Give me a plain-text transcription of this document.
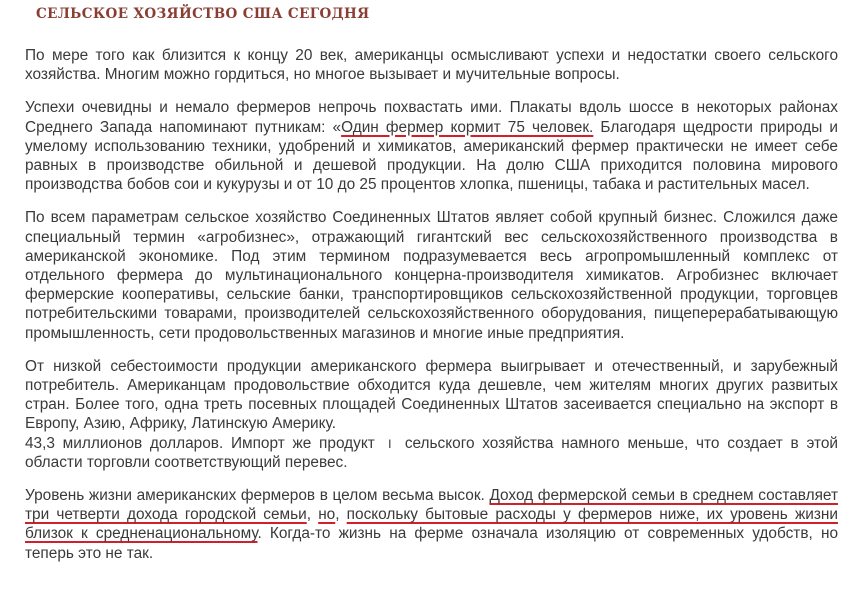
СЕЛЬСКОЕ ХОЗЯЙСТВО США СЕГОДНЯ

По мере того как близится к концу 20 век, американцы осмысливают успехи и недостатки своего сельского хозяйства. Многим можно гордиться, но многое вызывает и мучительные вопросы.

Успехи очевидны и немало фермеров непрочь похвастать ими. Плакаты вдоль шоссе в некоторых районах Среднего Запада напоминают путникам: «Один фермер кормит 75 человек. Благодаря щедрости природы и умелому использованию техники, удобрений и химикатов, американский фермер практически не имеет себе равных в производстве обильной и дешевой продукции. На долю США приходится половина мирового производства бобов сои и кукурузы и от 10 до 25 процентов хлопка, пшеницы, табака и растительных масел.

По всем параметрам сельское хозяйство Соединенных Штатов являет собой крупный бизнес. Сложился даже специальный термин «агробизнес», отражающий гигантский вес сельскохозяйственного производства в американской экономике. Под этим термином подразумевается весь агропромышленный комплекс от отдельного фермера до мультинационального концерна-производителя химикатов. Агробизнес включает фермерские кооперативы, сельские банки, транспортировщиков сельскохозяйственной продукции, торговцев потребительскими товарами, производителей сельскохозяйственного оборудования, пищеперерабатывающую промышленность, сети продовольственных магазинов и многие иные предприятия.

От низкой себестоимости продукции американского фермера выигрывает и отечественный, и зарубежный потребитель. Американцам продовольствие обходится куда дешевле, чем жителям многих других развитых стран. Более того, одна треть посевных площадей Соединенных Штатов засеивается специально на экспорт в Европу, Азию, Африку, Латинскую Америку.
43,3 миллионов долларов. Импорт же продукт ı сельского хозяйства намного меньше, что создает в этой области торговли соответствующий перевес.

Уровень жизни американских фермеров в целом весьма высок. Доход фермерской семьи в среднем составляет три четверти дохода городской семьи, но, поскольку бытовые расходы у фермеров ниже, их уровень жизни близок к средненациональному. Когда-то жизнь на ферме означала изоляцию от современных удобств, но теперь это не так.
